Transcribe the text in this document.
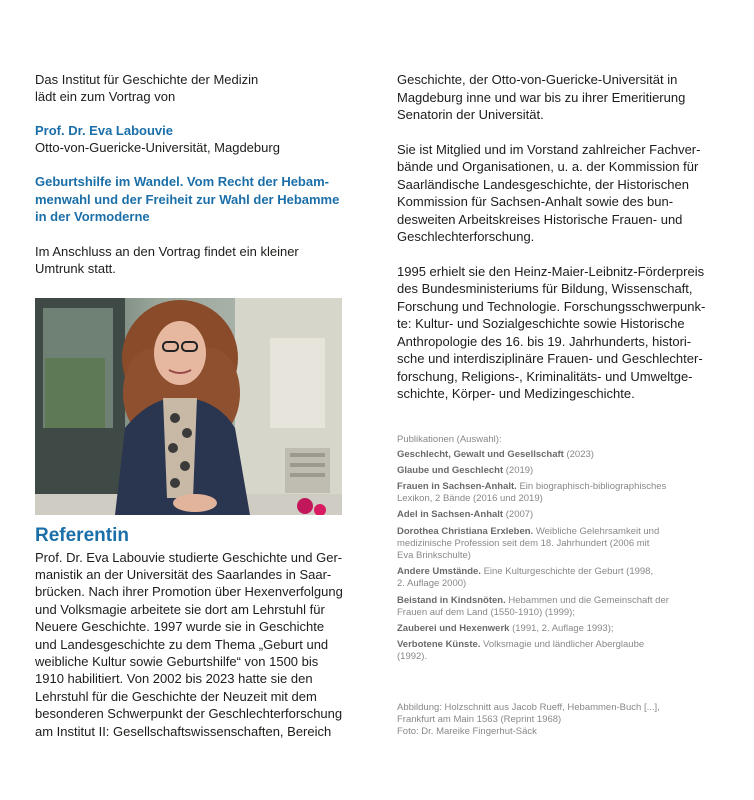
Das Institut für Geschichte der Medizin

lädt ein zum Vortrag von

Prof. Dr. Eva Labouvie

Otto-von-Guericke-Universität, Magdeburg

Geburtshilfe im Wandel. Vom Recht der Hebam-

menwahl und der Freiheit zur Wahl der Hebamme

in der Vormoderne

Im Anschluss an den Vortrag findet ein kleiner

Umtrunk statt.

Referentin

Prof. Dr. Eva Labouvie studierte Geschichte und Ger-

manistik an der Universität des Saarlandes in Saar-

brücken. Nach ihrer Promotion über Hexenverfolgung

und Volksmagie arbeitete sie dort am Lehrstuhl für

Neuere Geschichte. 1997 wurde sie in Geschichte

und Landesgeschichte zu dem Thema „Geburt und

weibliche Kultur sowie Geburtshilfe“ von 1500 bis

1910 habilitiert. Von 2002 bis 2023 hatte sie den

Lehrstuhl für die Geschichte der Neuzeit mit dem

besonderen Schwerpunkt der Geschlechterforschung

am Institut II: Gesellschaftswissenschaften, Bereich

Geschichte, der Otto-von-Guericke-Universität in

Magdeburg inne und war bis zu ihrer Emeritierung

Senatorin der Universität.

Sie ist Mitglied und im Vorstand zahlreicher Fachver-

bände und Organisationen, u. a. der Kommission für

Saarländische Landesgeschichte, der Historischen

Kommission für Sachsen-Anhalt sowie des bun-

desweiten Arbeitskreises Historische Frauen- und

Geschlechterforschung.

1995 erhielt sie den Heinz-Maier-Leibnitz-Förderpreis

des Bundesministeriums für Bildung, Wissenschaft,

Forschung und Technologie. Forschungsschwerpunk-

te: Kultur- und Sozialgeschichte sowie Historische

Anthropologie des 16. bis 19. Jahrhunderts, histori-

sche und interdisziplinäre Frauen- und Geschlechter-

forschung, Religions-, Kriminalitäts- und Umweltge-

schichte, Körper- und Medizingeschichte.

Publikationen (Auswahl):

Geschlecht, Gewalt und Gesellschaft (2023)

Glaube und Geschlecht (2019)

Frauen in Sachsen-Anhalt. Ein biographisch-bibliographisches
Lexikon, 2 Bände (2016 und 2019)

Adel in Sachsen-Anhalt (2007)

Dorothea Christiana Erxleben. Weibliche Gelehrsamkeit und
medizinische Profession seit dem 18. Jahrhundert (2006 mit
Eva Brinkschulte)

Andere Umstände. Eine Kulturgeschichte der Geburt (1998,
2. Auflage 2000)

Beistand in Kindsnöten. Hebammen und die Gemeinschaft der
Frauen auf dem Land (1550-1910) (1999);

Zauberei und Hexenwerk (1991, 2. Auflage 1993);

Verbotene Künste. Volksmagie und ländlicher Aberglaube
(1992).

Abbildung: Holzschnitt aus Jacob Rueff, Hebammen-Buch [...],

Frankfurt am Main 1563 (Reprint 1968)

Foto: Dr. Mareike Fingerhut-Säck
